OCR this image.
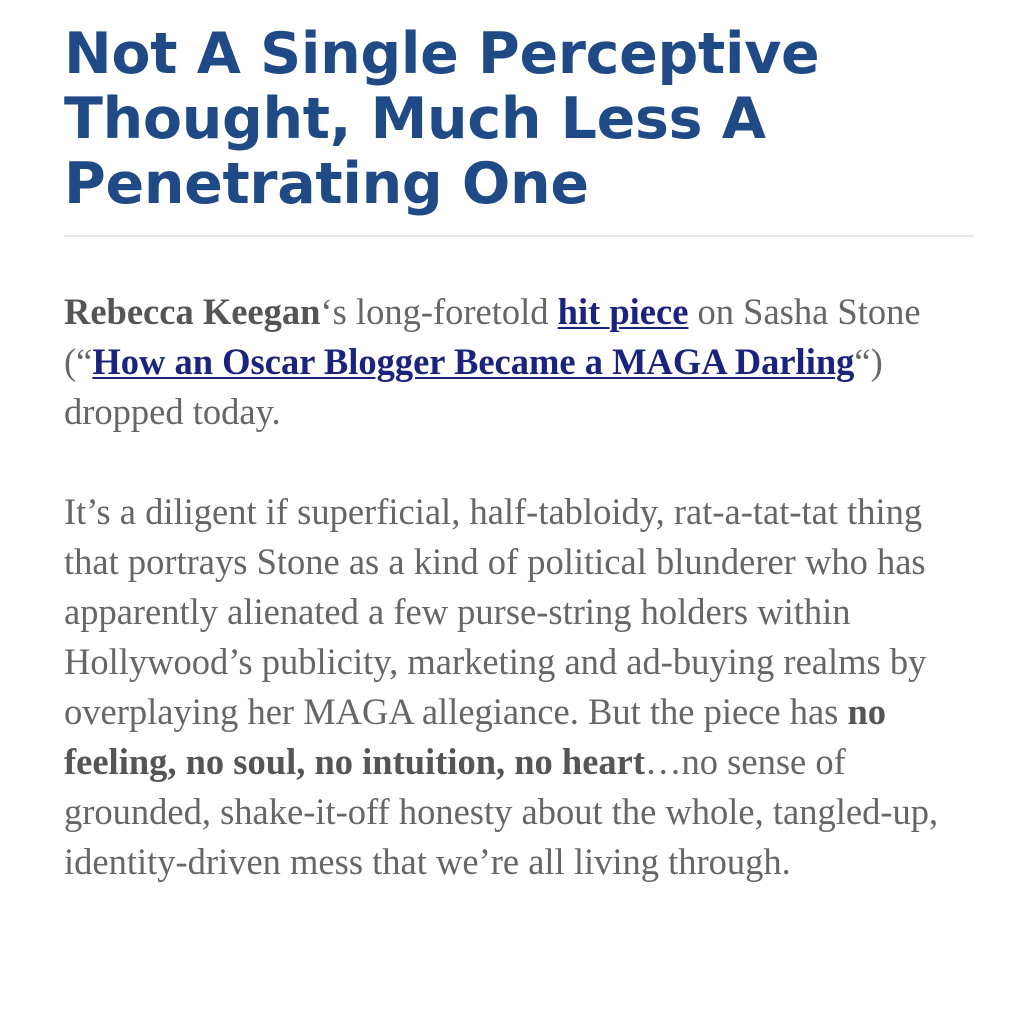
Not A Single Perceptive
Thought, Much Less A
Penetrating One

Rebecca Keegan‘s long-foretold hit piece on Sasha Stone (“How an Oscar Blogger Became a MAGA Darling“) dropped today.

It’s a diligent if superficial, half-tabloidy, rat-a-tat-tat thing that portrays Stone as a kind of political blunderer who has apparently alienated a few purse-string holders within Hollywood’s publicity, marketing and ad-buying realms by overplaying her MAGA allegiance. But the piece has no feeling, no soul, no intuition, no heart…no sense of grounded, shake-it-off honesty about the whole, tangled-up, identity-driven mess that we’re all living through.
